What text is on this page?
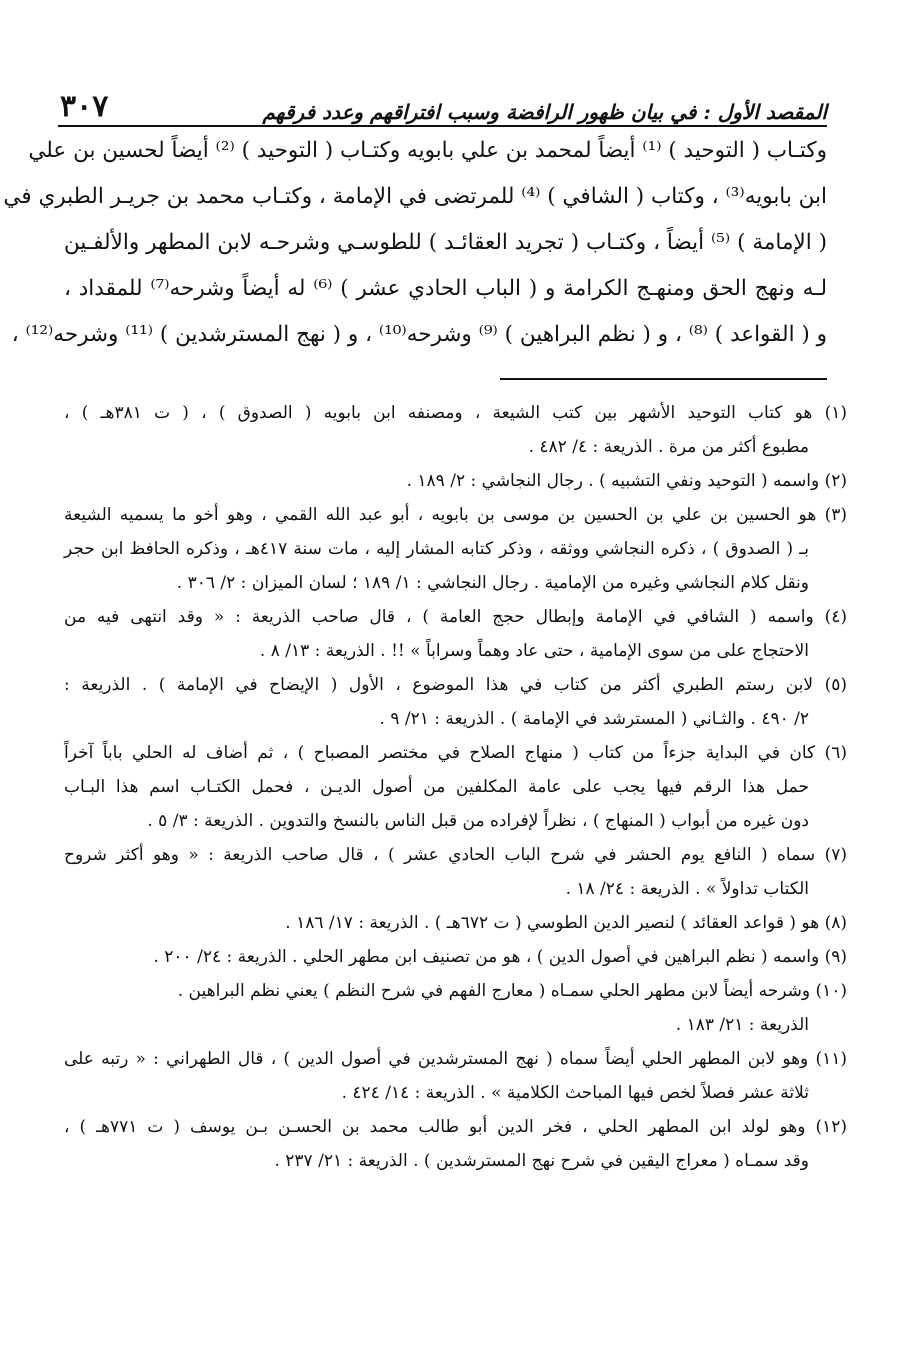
المقصد الأول : في بيان ظهور الرافضة وسبب افتراقهم وعدد فرقهم
٣٠٧
وكتـاب ( التوحيد ) ⁽¹⁾ أيضاً لمحمد بن علي بابويه وكتـاب ( التوحيد ) ⁽²⁾ أيضاً لحسين بن علي
ابن بابويه⁽³⁾ ، وكتاب ( الشافي ) ⁽⁴⁾ للمرتضى في الإمامة ، وكتـاب محمد بن جريـر الطبري في
( الإمامة ) ⁽⁵⁾ أيضاً ، وكتـاب ( تجريد العقائـد ) للطوسـي وشرحـه لابن المطهر والألفـين
لـه ونهج الحق ومنهـج الكرامة و ( الباب الحادي عشر ) ⁽⁶⁾ له أيضاً وشرحه⁽⁷⁾ للمقداد ،
و ( القواعد ) ⁽⁸⁾ ، و ( نظم البراهين ) ⁽⁹⁾ وشرحه⁽¹⁰⁾ ، و ( نهج المسترشدين ) ⁽¹¹⁾ وشرحه⁽¹²⁾ ،
(١) هو كتاب التوحيد الأشهر بين كتب الشيعة ، ومصنفه ابن بابويه ( الصدوق ) ، ( ت ٣٨١هـ ) ،
مطبوع أكثر من مرة . الذريعة : ٤/ ٤٨٢ .
(٢) واسمه ( التوحيد ونفي التشبيه ) . رجال النجاشي : ٢/ ١٨٩ .
(٣) هو الحسين بن علي بن الحسين بن موسى بن بابويه ، أبو عبد الله القمي ، وهو أخو ما يسميه الشيعة
بـ ( الصدوق ) ، ذكره النجاشي ووثقه ، وذكر كتابه المشار إليه ، مات سنة ٤١٧هـ ، وذكره الحافظ ابن حجر
ونقل كلام النجاشي وغيره من الإمامية . رجال النجاشي : ١/ ١٨٩ ؛ لسان الميزان : ٢/ ٣٠٦ .
(٤) واسمه ( الشافي في الإمامة وإبطال حجج العامة ) ، قال صاحب الذريعة : « وقد انتهى فيه من
الاحتجاج على من سوى الإمامية ، حتى عاد وهماً وسراباً » !! . الذريعة : ١٣/ ٨ .
(٥) لابن رستم الطبري أكثر من كتاب في هذا الموضوع ، الأول ( الإيضاح في الإمامة ) . الذريعة :
٢/ ٤٩٠ . والثـاني ( المسترشد في الإمامة ) . الذريعة : ٢١/ ٩ .
(٦) كان في البداية جزءاً من كتاب ( منهاج الصلاح في مختصر المصباح ) ، ثم أضاف له الحلي باباً آخراً
حمل هذا الرقم فيها يجب على عامة المكلفين من أصول الديـن ، فحمل الكتـاب اسم هذا البـاب
دون غيره من أبواب ( المنهاج ) ، نظراً لإفراده من قبل الناس بالنسخ والتدوين . الذريعة : ٣/ ٥ .
(٧) سماه ( النافع يوم الحشر في شرح الباب الحادي عشر ) ، قال صاحب الذريعة : « وهو أكثر شروح
الكتاب تداولاً » . الذريعة : ٢٤/ ١٨ .
(٨) هو ( قواعد العقائد ) لنصير الدين الطوسي ( ت ٦٧٢هـ ) . الذريعة : ١٧/ ١٨٦ .
(٩) واسمه ( نظم البراهين في أصول الدين ) ، هو من تصنيف ابن مطهر الحلي . الذريعة : ٢٤/ ٢٠٠ .
(١٠) وشرحه أيضاً لابن مطهر الحلي سمـاه ( معارج الفهم في شرح النظم ) يعني نظم البراهين .
الذريعة : ٢١/ ١٨٣ .
(١١) وهو لابن المطهر الحلي أيضاً سماه ( نهج المسترشدين في أصول الدين ) ، قال الطهراني : « رتبه على
ثلاثة عشر فصلاً لخص فيها المباحث الكلامية » . الذريعة : ١٤/ ٤٢٤ .
(١٢) وهو لولد ابن المطهر الحلي ، فخر الدين أبو طالب محمد بن الحسـن بـن يوسف ( ت ٧٧١هـ ) ،
وقد سمـاه ( معراج اليقين في شرح نهج المسترشدين ) . الذريعة : ٢١/ ٢٣٧ .
